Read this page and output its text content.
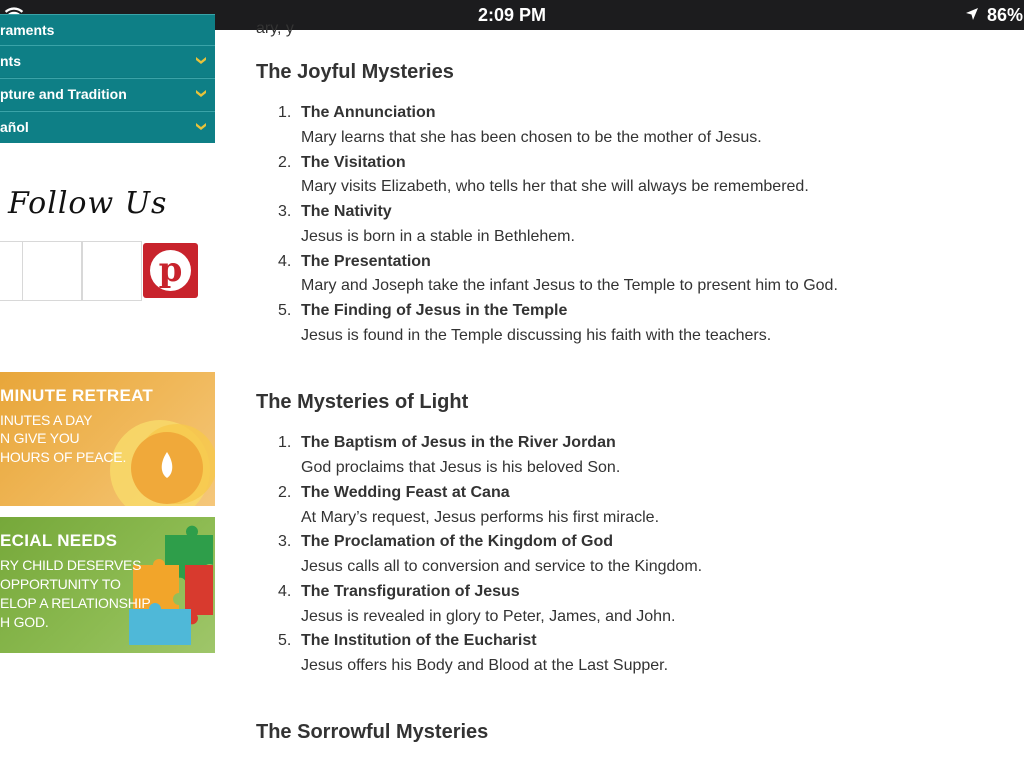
2:09 PM	86%
raments
nts
pture and Tradition
añol
Follow Us
p
MINUTE RETREAT
INUTES A DAY
N GIVE YOU
HOURS OF PEACE.
ECIAL NEEDS
RY CHILD DESERVES
OPPORTUNITY TO
ELOP A RELATIONSHIP
H GOD.
ary, y
The Joyful Mysteries
1. The Annunciation
Mary learns that she has been chosen to be the mother of Jesus.
2. The Visitation
Mary visits Elizabeth, who tells her that she will always be remembered.
3. The Nativity
Jesus is born in a stable in Bethlehem.
4. The Presentation
Mary and Joseph take the infant Jesus to the Temple to present him to God.
5. The Finding of Jesus in the Temple
Jesus is found in the Temple discussing his faith with the teachers.
The Mysteries of Light
1. The Baptism of Jesus in the River Jordan
God proclaims that Jesus is his beloved Son.
2. The Wedding Feast at Cana
At Mary’s request, Jesus performs his first miracle.
3. The Proclamation of the Kingdom of God
Jesus calls all to conversion and service to the Kingdom.
4. The Transfiguration of Jesus
Jesus is revealed in glory to Peter, James, and John.
5. The Institution of the Eucharist
Jesus offers his Body and Blood at the Last Supper.
The Sorrowful Mysteries
